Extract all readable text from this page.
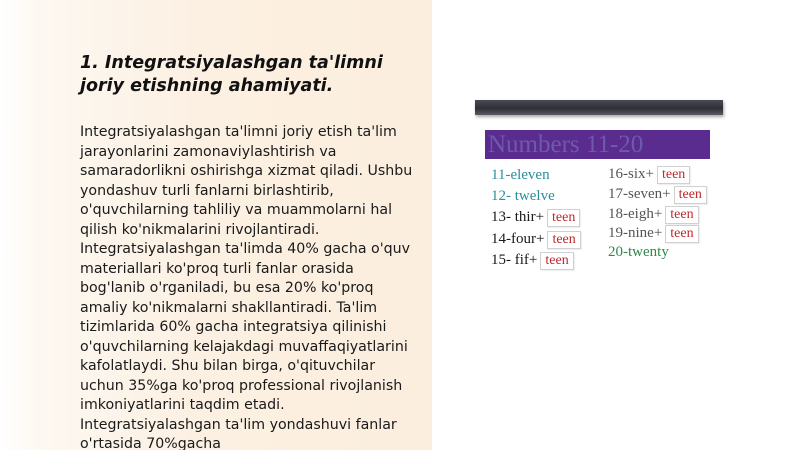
1. Integratsiyalashgan ta'limni joriy etishning ahamiyati.

Integratsiyalashgan ta'limni joriy etish ta'lim jarayonlarini zamonaviylashtirish va samaradorlikni oshirishga xizmat qiladi. Ushbu yondashuv turli fanlarni birlashtirib, o'quvchilarning tahliliy va muammolarni hal qilish ko'nikmalarini rivojlantiradi. Integratsiyalashgan ta'limda 40% gacha o'quv materiallari ko'proq turli fanlar orasida bog'lanib o'rganiladi, bu esa 20% ko'proq amaliy ko'nikmalarni shakllantiradi. Ta'lim tizimlarida 60% gacha integratsiya qilinishi o'quvchilarning kelajakdagi muvaffaqiyatlarini kafolatlaydi. Shu bilan birga, o'qituvchilar uchun 35%ga ko'proq professional rivojlanish imkoniyatlarini taqdim etadi. Integratsiyalashgan ta'lim yondashuvi fanlar o'rtasida 70%gacha

Numbers 11-20
11-eleven
12- twelve
13- thir+ teen
14-four+ teen
15- fif+ teen
16-six+ teen
17-seven+ teen
18-eigh+ teen
19-nine+ teen
20-twenty
